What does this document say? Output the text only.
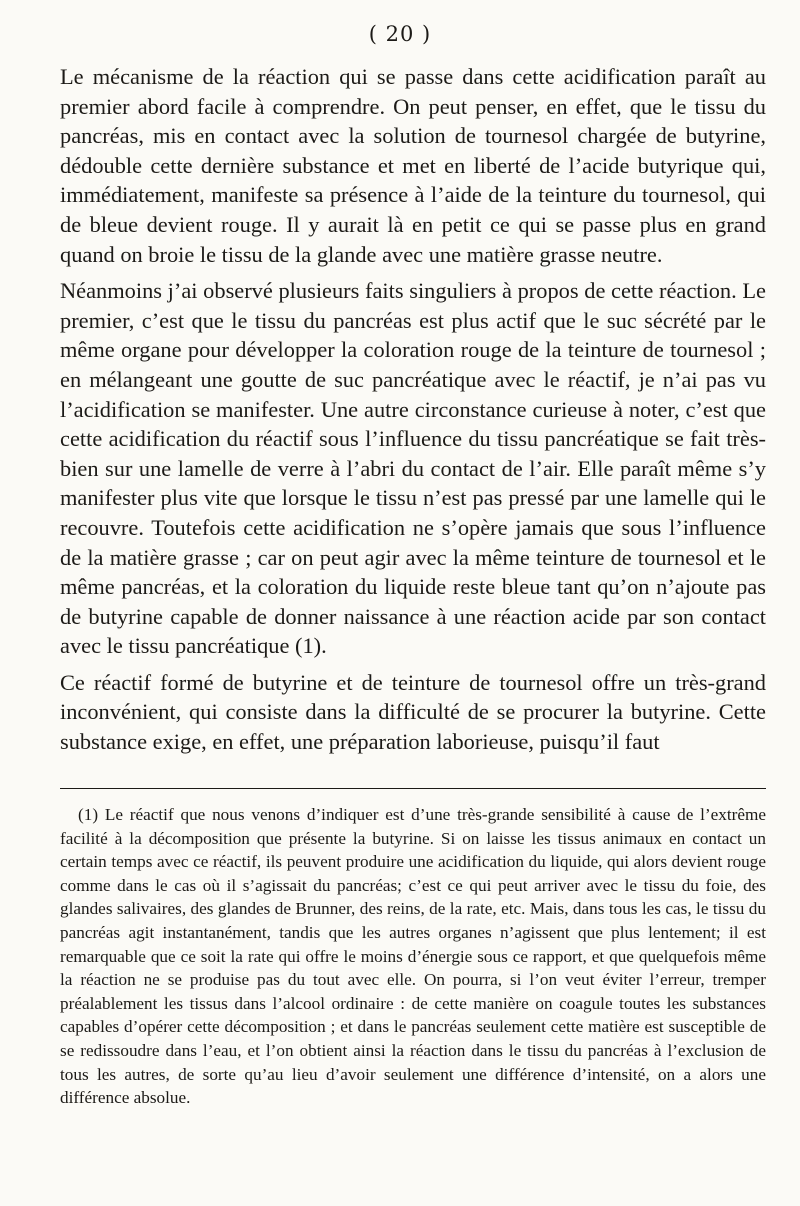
( 20 )

Le mécanisme de la réaction qui se passe dans cette acidification paraît au premier abord facile à comprendre. On peut penser, en effet, que le tissu du pancréas, mis en contact avec la solution de tournesol chargée de butyrine, dédouble cette dernière substance et met en liberté de l’acide butyrique qui, immédiatement, manifeste sa présence à l’aide de la teinture du tournesol, qui de bleue devient rouge. Il y aurait là en petit ce qui se passe plus en grand quand on broie le tissu de la glande avec une matière grasse neutre.

Néanmoins j’ai observé plusieurs faits singuliers à propos de cette réaction. Le premier, c’est que le tissu du pancréas est plus actif que le suc sécrété par le même organe pour développer la coloration rouge de la teinture de tournesol ; en mélangeant une goutte de suc pancréatique avec le réactif, je n’ai pas vu l’acidification se manifester. Une autre circonstance curieuse à noter, c’est que cette acidification du réactif sous l’influence du tissu pancréatique se fait très-bien sur une lamelle de verre à l’abri du contact de l’air. Elle paraît même s’y manifester plus vite que lorsque le tissu n’est pas pressé par une lamelle qui le recouvre. Toutefois cette acidification ne s’opère jamais que sous l’influence de la matière grasse ; car on peut agir avec la même teinture de tournesol et le même pancréas, et la coloration du liquide reste bleue tant qu’on n’ajoute pas de butyrine capable de donner naissance à une réaction acide par son contact avec le tissu pancréatique (1).

Ce réactif formé de butyrine et de teinture de tournesol offre un très-grand inconvénient, qui consiste dans la difficulté de se procurer la butyrine. Cette substance exige, en effet, une préparation laborieuse, puisqu’il faut

(1) Le réactif que nous venons d’indiquer est d’une très-grande sensibilité à cause de l’extrême facilité à la décomposition que présente la butyrine. Si on laisse les tissus animaux en contact un certain temps avec ce réactif, ils peuvent produire une acidification du liquide, qui alors devient rouge comme dans le cas où il s’agissait du pancréas; c’est ce qui peut arriver avec le tissu du foie, des glandes salivaires, des glandes de Brunner, des reins, de la rate, etc. Mais, dans tous les cas, le tissu du pancréas agit instantanément, tandis que les autres organes n’agissent que plus lentement; il est remarquable que ce soit la rate qui offre le moins d’énergie sous ce rapport, et que quelquefois même la réaction ne se produise pas du tout avec elle. On pourra, si l’on veut éviter l’erreur, tremper préalablement les tissus dans l’alcool ordinaire : de cette manière on coagule toutes les substances capables d’opérer cette décomposition ; et dans le pancréas seulement cette matière est susceptible de se redissoudre dans l’eau, et l’on obtient ainsi la réaction dans le tissu du pancréas à l’exclusion de tous les autres, de sorte qu’au lieu d’avoir seulement une différence d’intensité, on a alors une différence absolue.
